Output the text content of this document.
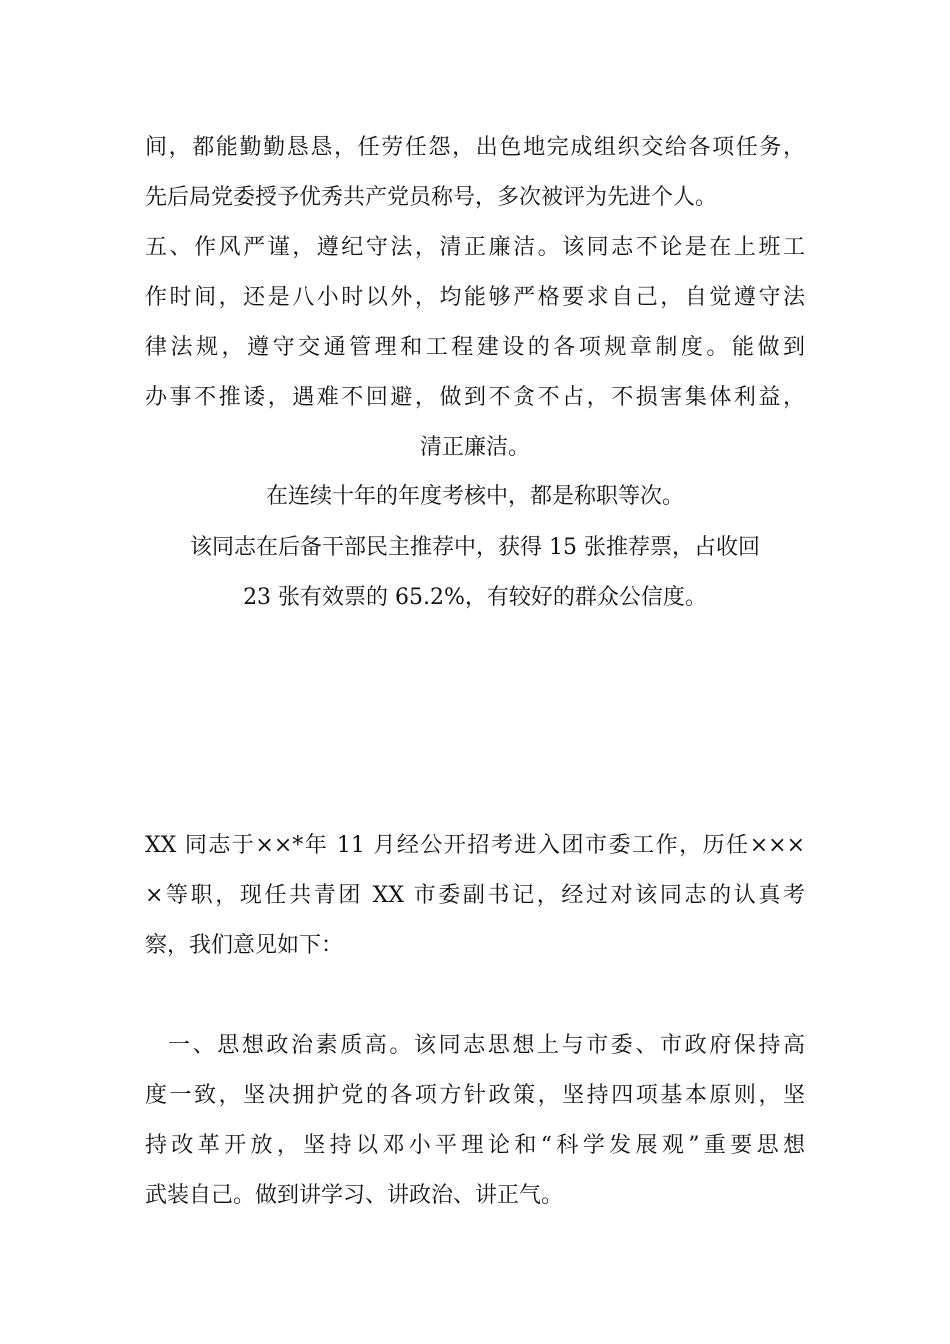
间，都能勤勤恳恳，任劳任怨，出色地完成组织交给各项任务，
先后局党委授予优秀共产党员称号，多次被评为先进个人。
五、作风严谨，遵纪守法，清正廉洁。该同志不论是在上班工
作时间，还是八小时以外，均能够严格要求自己，自觉遵守法
律法规，遵守交通管理和工程建设的各项规章制度。能做到
办事不推诿，遇难不回避，做到不贪不占，不损害集体利益，
清正廉洁。
在连续十年的年度考核中，都是称职等次。
该同志在后备干部民主推荐中，获得 15 张推荐票，占收回
23 张有效票的 65.2%，有较好的群众公信度。
XX 同志于××*年 11 月经公开招考进入团市委工作，历任×××
×等职，现任共青团 XX 市委副书记，经过对该同志的认真考
察，我们意见如下：
一、思想政治素质高。该同志思想上与市委、市政府保持高
度一致，坚决拥护党的各项方针政策，坚持四项基本原则，坚
持改革开放，坚持以邓小平理论和“科学发展观”重要思想
武装自己。做到讲学习、讲政治、讲正气。
